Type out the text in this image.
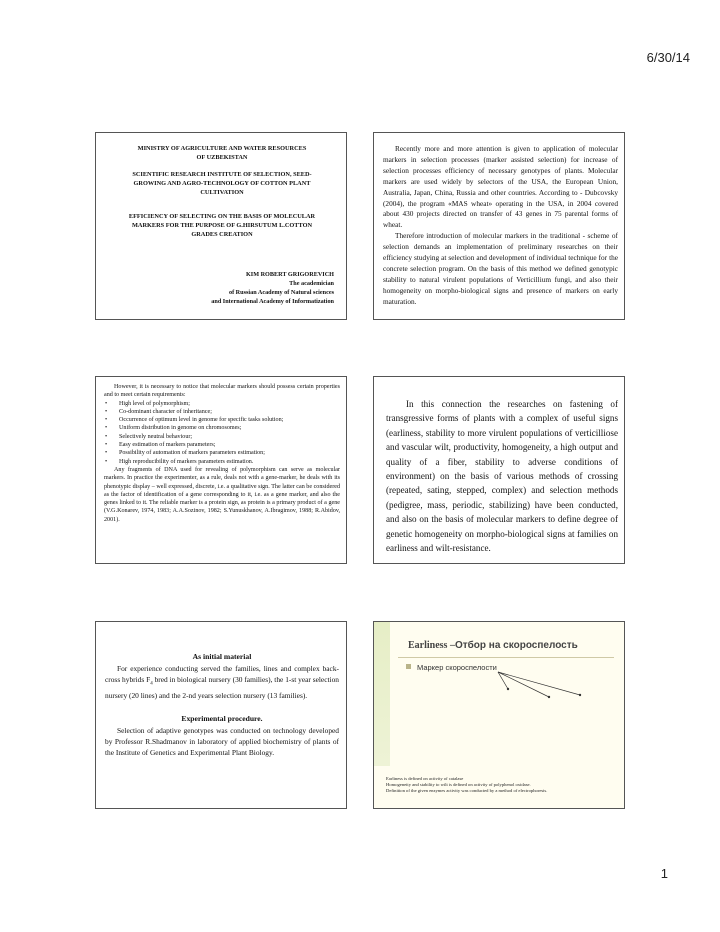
6/30/14
MINISTRY OF AGRICULTURE AND WATER RESOURCES
OF UZBEKISTAN
SCIENTIFIC RESEARCH INSTITUTE OF SELECTION, SEED-
GROWING AND AGRO-TECHNOLOGY OF COTTON PLANT
CULTIVATION
EFFICIENCY OF SELECTING ON THE BASIS OF MOLECULAR
MARKERS FOR THE PURPOSE OF G.HIRSUTUM L.COTTON
GRADES CREATION
KIM ROBERT GRIGOREVICH
The academician
of Russian Academy of Natural sciences
and International Academy of Informatization

Recently more and more attention is given to application of molecular markers in selection processes (marker assisted selection) for increase of selection processes efficiency of necessary genotypes of plants. Molecular markers are used widely by selectors of the USA, the European Union, Australia, Japan, China, Russia and other countries. According to - Dubcovsky (2004), the program «MAS wheat» operating in the USA, in 2004 covered about 430 projects directed on transfer of 43 genes in 75 parental forms of wheat.

Therefore introduction of molecular markers in the traditional - scheme of selection demands an implementation of preliminary researches on their efficiency studying at selection and development of individual technique for the concrete selection program. On the basis of this method we defined genotypic stability to natural virulent populations of Verticillium fungi, and also their homogeneity on morpho-biological signs and presence of markers on early maturation.

However, it is necessary to notice that molecular markers should possess certain properties and to meet certain requirements:

• High level of polymorphism;
• Co-dominant character of inheritance;
• Occurrence of optimum level in genome for specific tasks solution;
• Uniform distribution in genome on chromosomes;
• Selectively neutral behaviour;
• Easy estimation of markers parameters;
• Possibility of automation of markers parameters estimation;
• High reproducibility of markers parameters estimation.

Any fragments of DNA used for revealing of polymorphism can serve as molecular markers. In practice the experimenter, as a rule, deals not with a gene-marker, he deals with its phenotypic display – well expressed, discrete, i.e. a qualitative sign. The latter can be considered as the factor of identification of a gene corresponding to it, i.e. as a gene marker, and also the genes linked to it. The reliable marker is a protein sign, as protein is a primary product of a gene (V.G.Konarev, 1974, 1983; A.A.Sozinov, 1982; S.Yunuskhanov, A.Ibragimov, 1988; R.Abidov, 2001).

In this connection the researches on fastening of transgressive forms of plants with a complex of useful signs (earliness, stability to more virulent populations of verticilliose and vascular wilt, productivity, homogeneity, a high output and quality of a fiber, stability to adverse conditions of environment) on the basis of various methods of crossing (repeated, sating, stepped, complex) and selection methods (pedigree, mass, periodic, stabilizing) have been conducted, and also on the basis of molecular markers to define degree of genetic homogeneity on morpho-biological signs at families on earliness and wilt-resistance.

As initial material

For experience conducting served the families, lines and complex back-cross hybrids $F_4$ bred in biological nursery (30 families), the 1-st year selection nursery (20 lines) and the 2-nd years selection nursery (13 families).

Experimental procedure.

Selection of adaptive genotypes was conducted on technology developed by Professor R.Shadmanov in laboratory of applied biochemistry of plants of the Institute of Genetics and Experimental Plant Biology.

Earliness –Отбор на скороспелость
Маркер скороспелости
Earliness is defined on activity of catalase
Homogeneity and stability to wilt is defined on activity of polyphenol oxidase.
Definition of the given enzymes activity was conducted by a method of electrophoresis.
1
